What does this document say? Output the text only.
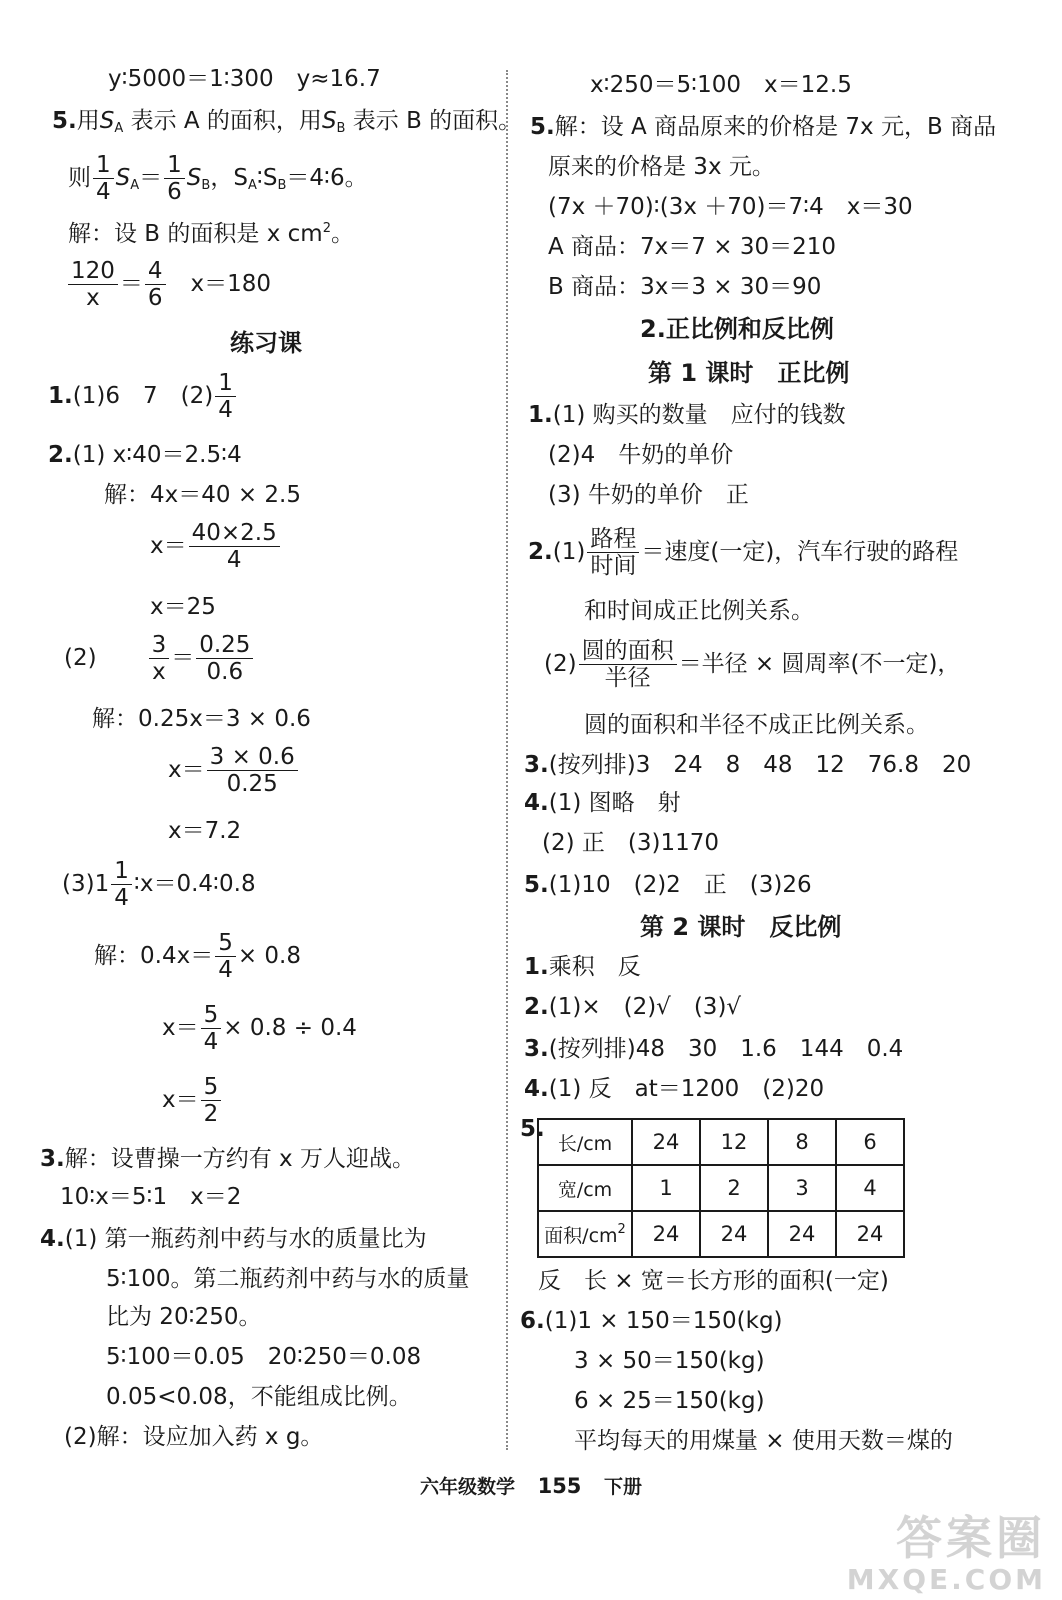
y∶5000＝1∶300　y≈16.7
5.用$S_A$ 表示 A 的面积，用$S_B$ 表示 B 的面积。
则 $\frac{1}{4} S_A= \frac{1}{6} S_B$，$S_A∶S_B=4∶6$。
解：设 B 的面积是 x $cm^2$。
$\frac{120}{x} = \frac{4}{6}$ 　x＝180
练习课
1.(1)6　7　$(2) \frac{1}{4}$
2.(1) x∶40＝2.5∶4
解：4x＝40 × 2.5
$x= \frac{40\times 2.5}{4}$
x＝25
$(2) \frac{3}{x} = \frac{0.25}{0.6}$
解：0.25x＝3 × 0.6
$x= \frac{3 \times 0.6}{0.25}$
x＝7.2
$(3)1 \frac{1}{4}$ ∶x＝0.4∶0.8
解：$0.4x= \frac{5}{4} \times 0.8$
$x= \frac{5}{4} \times 0.8 \div 0.4$
$x= \frac{5}{2}$
3.解：设曹操一方约有 x 万人迎战。
10∶x＝5∶1　x＝2
4.(1) 第一瓶药剂中药与水的质量比为
5∶100。第二瓶药剂中药与水的质量
比为 20∶250。
5∶100＝0.05　20∶250＝0.08
0.05<0.08，不能组成比例。
(2)解：设应加入药 x g。
x∶250＝5∶100　x＝12.5
5.解：设 A 商品原来的价格是 7x 元，B 商品
原来的价格是 3x 元。
(7x ＋70)∶(3x ＋70)＝7∶4　x＝30
A 商品：7x＝7 × 30＝210
B 商品：3x＝3 × 30＝90
2.正比例和反比例
第 1 课时　正比例
1.(1) 购买的数量　应付的钱数
(2)4　牛奶的单价
(3) 牛奶的单价　正
$2.(1) \frac{\text{路程}}{\text{时间}}$ ＝速度(一定)，汽车行驶的路程
和时间成正比例关系。
$(2) \frac{\text{圆的面积}}{\text{半径}}$ ＝半径 × 圆周率(不一定)，
圆的面积和半径不成正比例关系。
3.(按列排)3　24　8　48　12　76.8　20
4.(1) 图略　射
(2) 正　(3)1170
5.(1)10　(2)2　正　(3)26
第 2 课时　反比例
1.乘积　反
2.(1)×　(2)√　(3)√
3.(按列排)48　30　1.6　144　0.4
4.(1) 反　at＝1200　(2)20
5.
长/cm	24	12	8	6
宽/cm	1	2	3	4
面积$/cm^2$	24	24	24	24
反　长 × 宽＝长方形的面积(一定)
6.(1)1 × 150＝150(kg)
3 × 50＝150(kg)
6 × 25＝150(kg)
平均每天的用煤量 × 使用天数＝煤的
六年级数学 155 下册
答案圈
MXQE.COM
